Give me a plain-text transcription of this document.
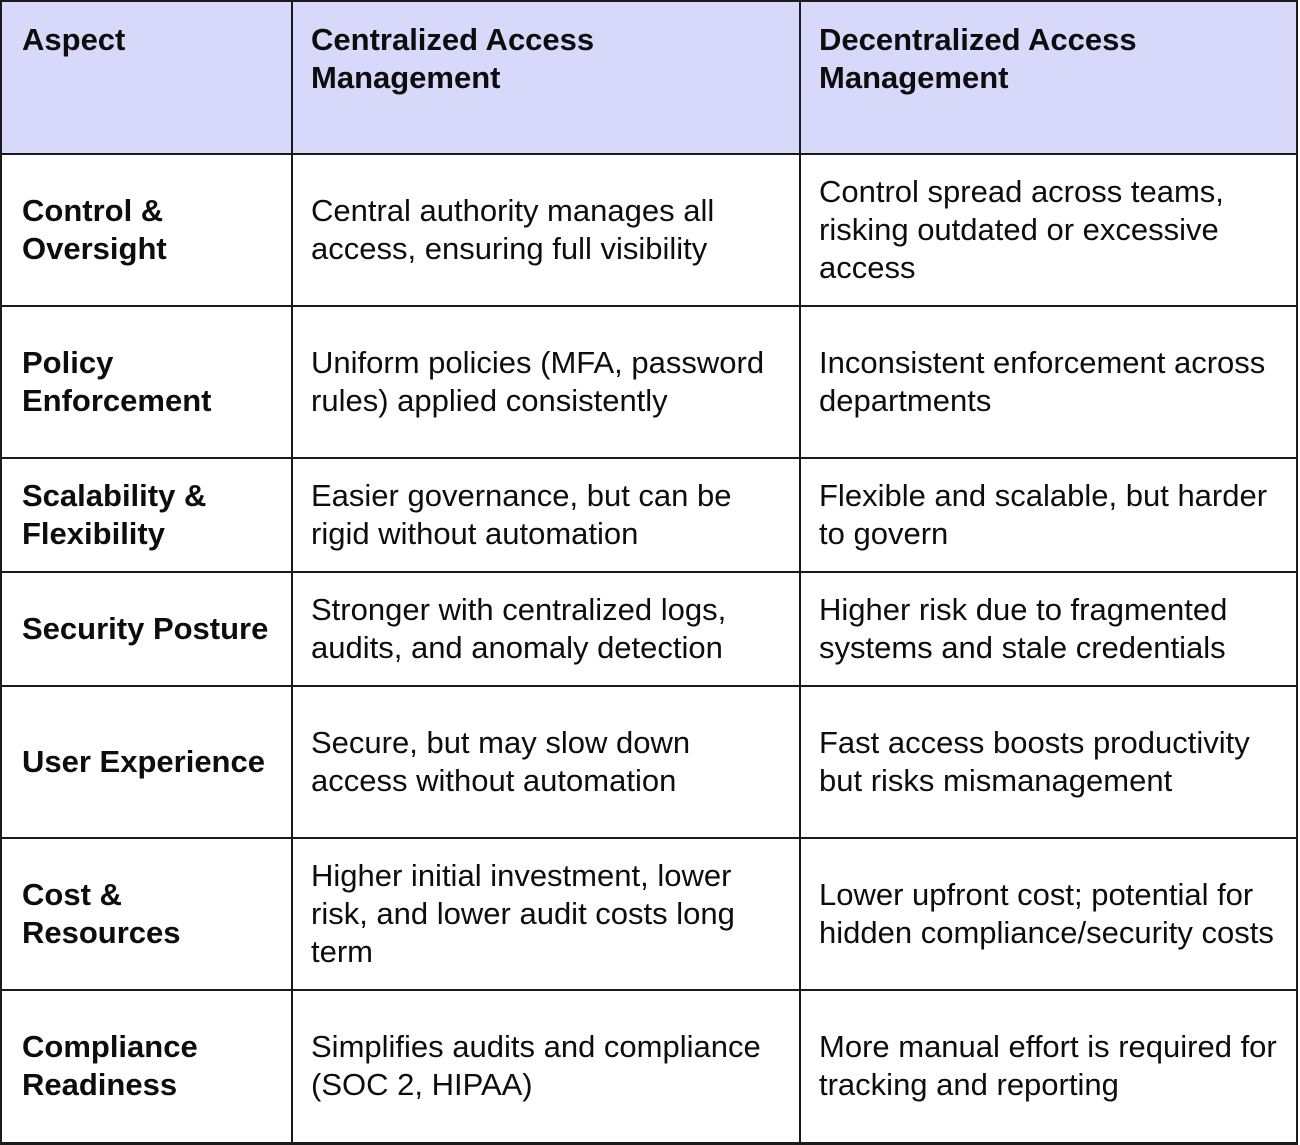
Aspect	Centralized Access Management	Decentralized Access Management
Control & Oversight	Central authority manages all access, ensuring full visibility	Control spread across teams, risking outdated or excessive access
Policy Enforcement	Uniform policies (MFA, password rules) applied consistently	Inconsistent enforcement across departments
Scalability & Flexibility	Easier governance, but can be rigid without automation	Flexible and scalable, but harder to govern
Security Posture	Stronger with centralized logs, audits, and anomaly detection	Higher risk due to fragmented systems and stale credentials
User Experience	Secure, but may slow down access without automation	Fast access boosts productivity but risks mismanagement
Cost & Resources	Higher initial investment, lower risk, and lower audit costs long term	Lower upfront cost; potential for hidden compliance/security costs
Compliance Readiness	Simplifies audits and compliance (SOC 2, HIPAA)	More manual effort is required for tracking and reporting
